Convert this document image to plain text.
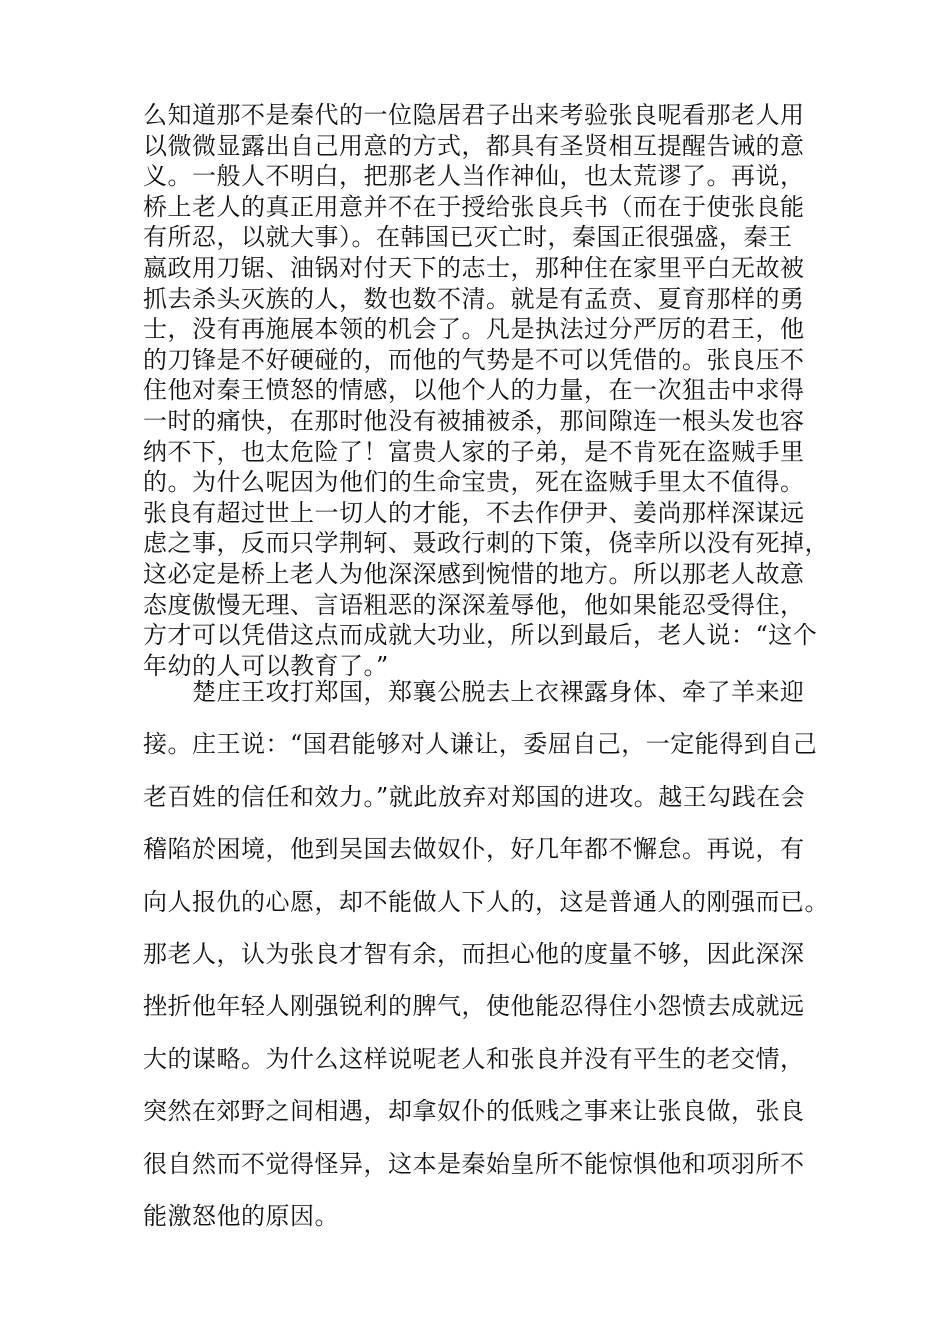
么知道那不是秦代的一位隐居君子出来考验张良呢看那老人用
以微微显露出自己用意的方式，都具有圣贤相互提醒告诫的意
义。一般人不明白，把那老人当作神仙，也太荒谬了。再说，
桥上老人的真正用意并不在于授给张良兵书（而在于使张良能
有所忍，以就大事）。在韩国已灭亡时，秦国正很强盛，秦王
嬴政用刀锯、油锅对付天下的志士，那种住在家里平白无故被
抓去杀头灭族的人，数也数不清。就是有孟贲、夏育那样的勇
士，没有再施展本领的机会了。凡是执法过分严厉的君王，他
的刀锋是不好硬碰的，而他的气势是不可以凭借的。张良压不
住他对秦王愤怒的情感，以他个人的力量，在一次狙击中求得
一时的痛快，在那时他没有被捕被杀，那间隙连一根头发也容
纳不下，也太危险了！富贵人家的子弟，是不肯死在盗贼手里
的。为什么呢因为他们的生命宝贵，死在盗贼手里太不值得。
张良有超过世上一切人的才能，不去作伊尹、姜尚那样深谋远
虑之事，反而只学荆轲、聂政行刺的下策，侥幸所以没有死掉，
这必定是桥上老人为他深深感到惋惜的地方。所以那老人故意
态度傲慢无理、言语粗恶的深深羞辱他，他如果能忍受得住，
方才可以凭借这点而成就大功业，所以到最后，老人说：“这个
年幼的人可以教育了。”
　　楚庄王攻打郑国，郑襄公脱去上衣裸露身体、牵了羊来迎
接。庄王说：“国君能够对人谦让，委屈自己，一定能得到自己
老百姓的信任和效力。”就此放弃对郑国的进攻。越王勾践在会
稽陷於困境，他到吴国去做奴仆，好几年都不懈怠。再说，有
向人报仇的心愿，却不能做人下人的，这是普通人的刚强而已。
那老人，认为张良才智有余，而担心他的度量不够，因此深深
挫折他年轻人刚强锐利的脾气，使他能忍得住小怨愤去成就远
大的谋略。为什么这样说呢老人和张良并没有平生的老交情，
突然在郊野之间相遇，却拿奴仆的低贱之事来让张良做，张良
很自然而不觉得怪异，这本是秦始皇所不能惊惧他和项羽所不
能激怒他的原因。
